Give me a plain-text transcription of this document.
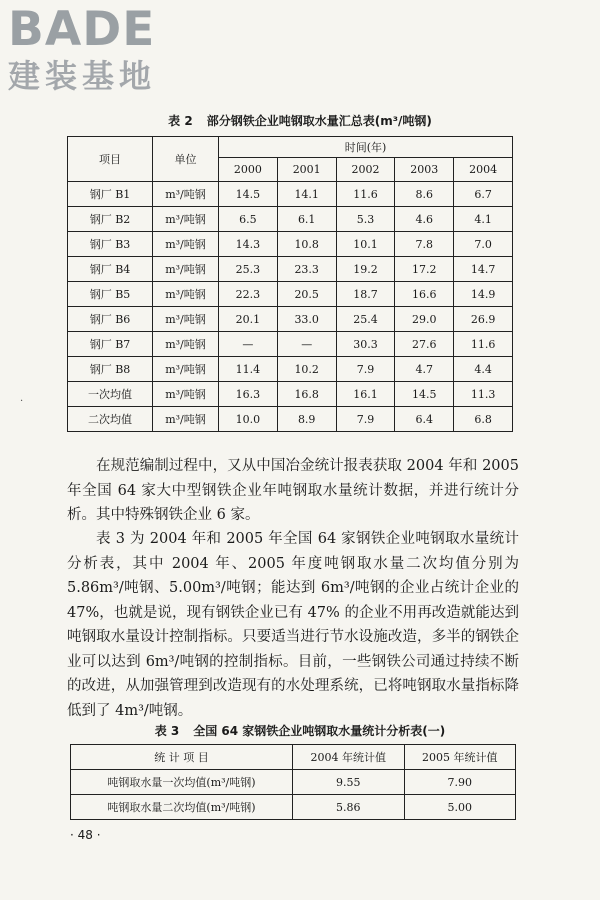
BADE
建装基地
表 2 部分钢铁企业吨钢取水量汇总表(m³/吨钢)
项目	单位	时间(年)				
		2000	2001	2002	2003	2004
钢厂 B1	m³/吨钢	14.5	14.1	11.6	8.6	6.7
钢厂 B2	m³/吨钢	6.5	6.1	5.3	4.6	4.1
钢厂 B3	m³/吨钢	14.3	10.8	10.1	7.8	7.0
钢厂 B4	m³/吨钢	25.3	23.3	19.2	17.2	14.7
钢厂 B5	m³/吨钢	22.3	20.5	18.7	16.6	14.9
钢厂 B6	m³/吨钢	20.1	33.0	25.4	29.0	26.9
钢厂 B7	m³/吨钢	—	—	30.3	27.6	11.6
钢厂 B8	m³/吨钢	11.4	10.2	7.9	4.7	4.4
一次均值	m³/吨钢	16.3	16.8	16.1	14.5	11.3
二次均值	m³/吨钢	10.0	8.9	7.9	6.4	6.8
·
在规范编制过程中，又从中国冶金统计报表获取 2004 年和 2005 年全国 64 家大中型钢铁企业年吨钢取水量统计数据，并进行统计分析。其中特殊钢铁企业 6 家。
表 3 为 2004 年和 2005 年全国 64 家钢铁企业吨钢取水量统计分析表，其中 2004 年、2005 年度吨钢取水量二次均值分别为 5.86m³/吨钢、5.00m³/吨钢；能达到 6m³/吨钢的企业占统计企业的 47%，也就是说，现有钢铁企业已有 47% 的企业不用再改造就能达到吨钢取水量设计控制指标。只要适当进行节水设施改造，多半的钢铁企业可以达到 6m³/吨钢的控制指标。目前，一些钢铁公司通过持续不断的改进，从加强管理到改造现有的水处理系统，已将吨钢取水量指标降低到了 4m³/吨钢。
表 3 全国 64 家钢铁企业吨钢取水量统计分析表(一)
统 计 项 目	2004 年统计值	2005 年统计值
吨钢取水量一次均值(m³/吨钢)	9.55	7.90
吨钢取水量二次均值(m³/吨钢)	5.86	5.00
· 48 ·
